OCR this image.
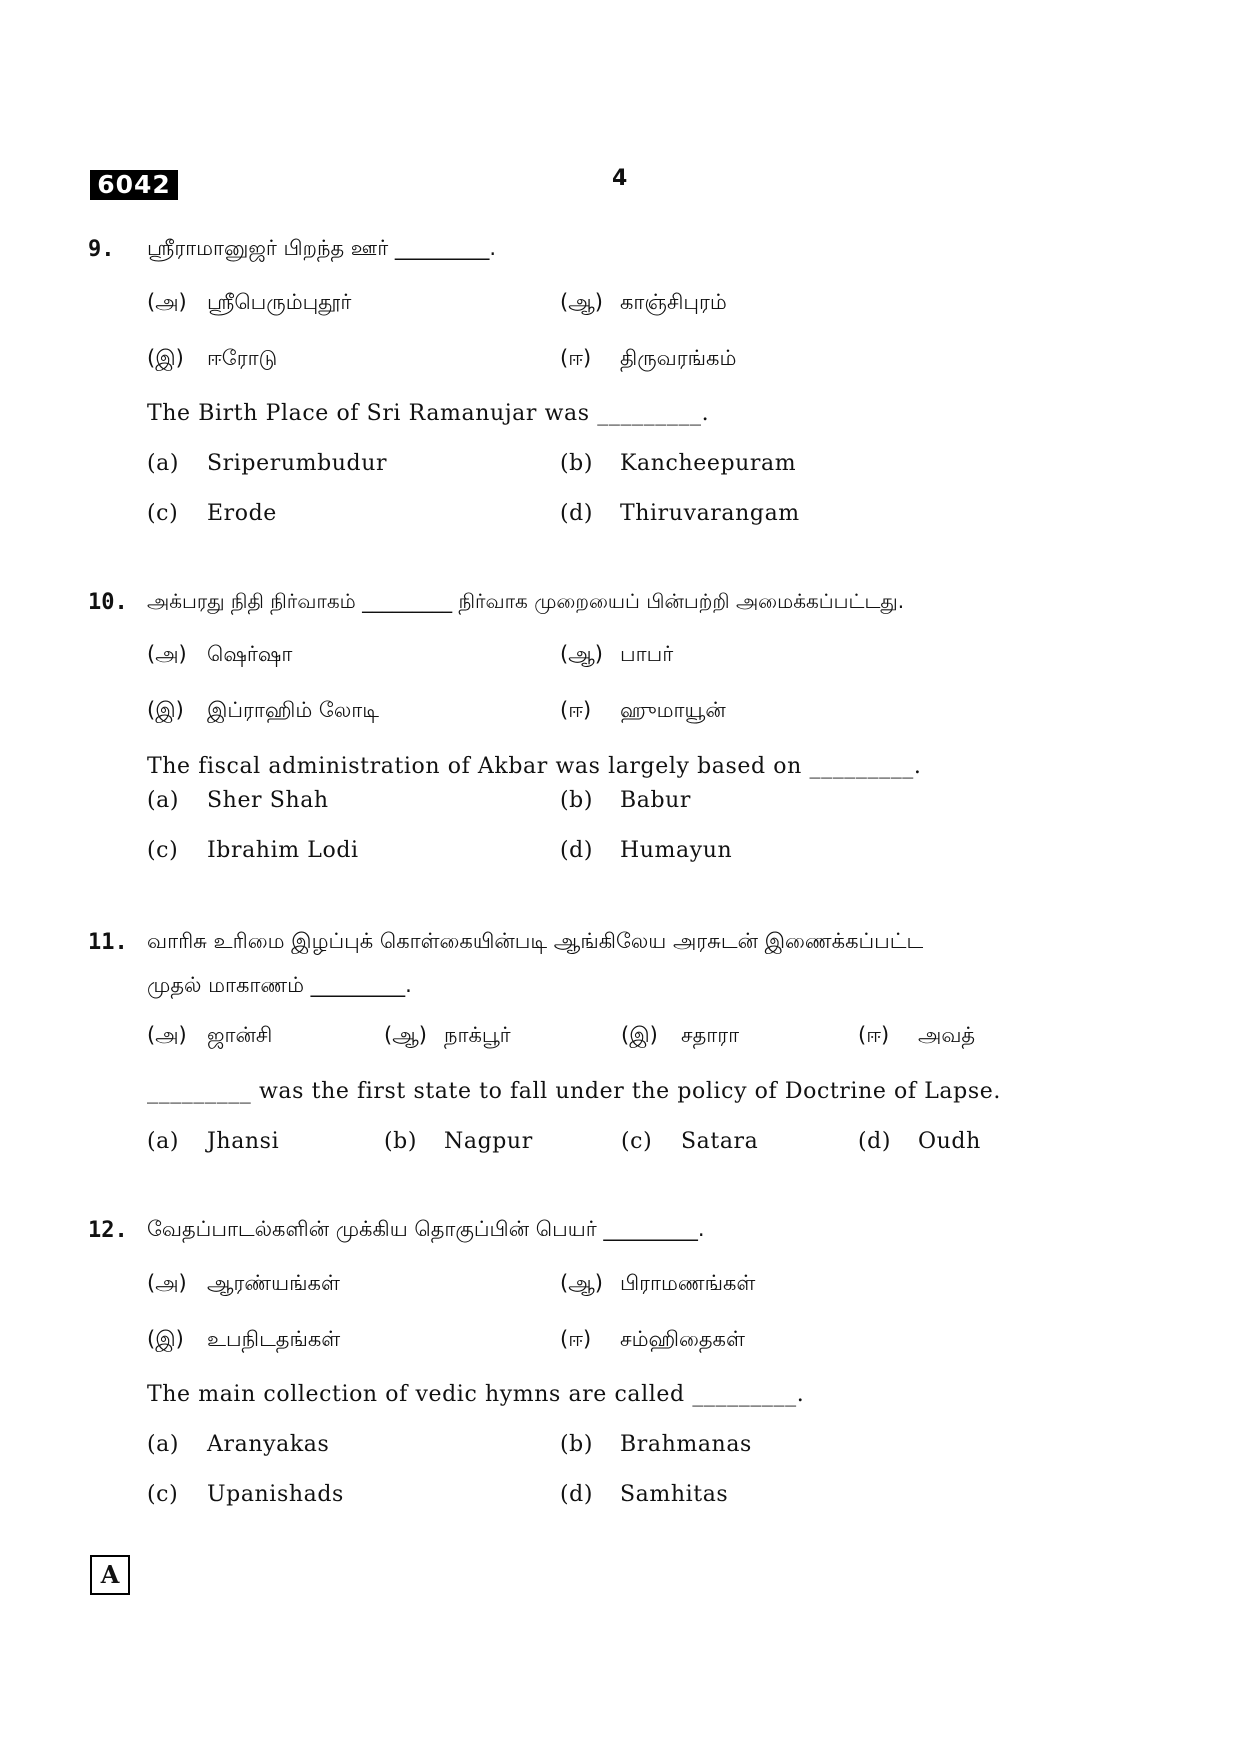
6042	4
9. ஸ்ரீராமானுஜர் பிறந்த ஊர் _________.
(அ) ஸ்ரீபெரும்புதூர்	(ஆ) காஞ்சிபுரம்
(இ) ஈரோடு	(ஈ) திருவரங்கம்
The Birth Place of Sri Ramanujar was _________.
(a) Sriperumbudur	(b) Kancheepuram
(c) Erode	(d) Thiruvarangam
10. அக்பரது நிதி நிர்வாகம் _________ நிர்வாக முறையைப் பின்பற்றி அமைக்கப்பட்டது.
(அ) ஷெர்ஷா	(ஆ) பாபர்
(இ) இப்ராஹிம் லோடி	(ஈ) ஹுமாயூன்
The fiscal administration of Akbar was largely based on _________.
(a) Sher Shah	(b) Babur
(c) Ibrahim Lodi	(d) Humayun
11. வாரிசு உரிமை இழப்புக் கொள்கையின்படி ஆங்கிலேய அரசுடன் இணைக்கப்பட்ட
முதல் மாகாணம் _________.
(அ) ஜான்சி	(ஆ) நாக்பூர்	(இ) சதாரா	(ஈ) அவத்
_________ was the first state to fall under the policy of Doctrine of Lapse.
(a) Jhansi	(b) Nagpur	(c) Satara	(d) Oudh
12. வேதப்பாடல்களின் முக்கிய தொகுப்பின் பெயர் _________.
(அ) ஆரண்யங்கள்	(ஆ) பிராமணங்கள்
(இ) உபநிடதங்கள்	(ஈ) சம்ஹிதைகள்
The main collection of vedic hymns are called _________.
(a) Aranyakas	(b) Brahmanas
(c) Upanishads	(d) Samhitas
A
